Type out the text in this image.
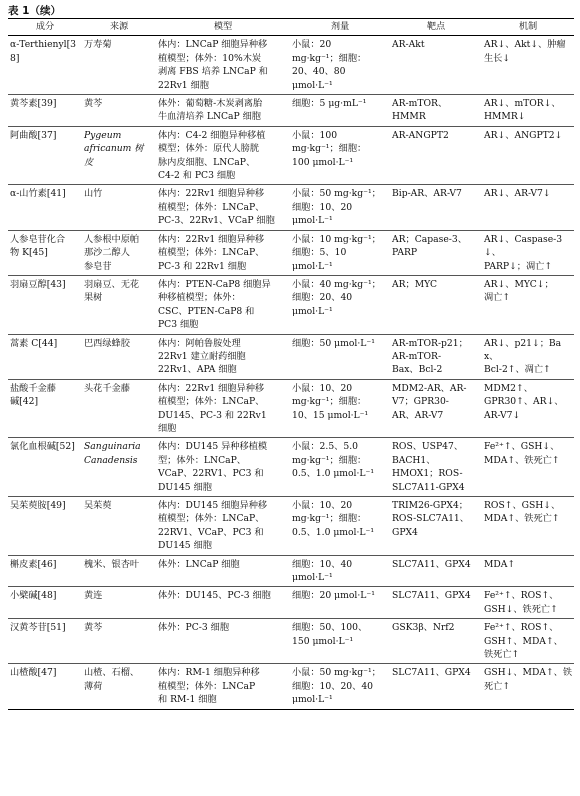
表 1（续）
成分	来源	模型	剂量	靶点	机制
α-Terthienyl[38]	万寿菊	体内：LNCaP 细胞异种移
植模型；体外：10%木炭
剥离 FBS 培养 LNCaP 和
22Rv1 细胞	小鼠：20
mg·kg⁻¹；细胞：
20、40、80
μmol·L⁻¹	AR-Akt	AR↓、Akt↓、肿瘤
生长↓
黄芩素[39]	黄芩	体外：葡萄糖-木炭剥离胎
牛血清培养 LNCaP 细胞	细胞：5 μg·mL⁻¹	AR-mTOR、
HMMR	AR↓、mTOR↓、
HMMR↓
阿曲酸[37]	Pygeum
africanum 树
皮	体内：C4-2 细胞异种移植
模型；体外：原代人膀胱
脉内皮细胞、LNCaP、
C4-2 和 PC3 细胞	小鼠：100
mg·kg⁻¹；细胞：
100 μmol·L⁻¹	AR-ANGPT2	AR↓、ANGPT2↓
α-山竹素[41]	山竹	体内：22Rv1 细胞异种移
植模型；体外：LNCaP、
PC-3、22Rv1、VCaP 细胞	小鼠：50 mg·kg⁻¹；
细胞：10、20
μmol·L⁻¹	Bip-AR、AR-V7	AR↓、AR-V7↓
人参皂苷化合
物 K[45]	人参根中原帕
那沙二醇人
参皂苷	体内：22Rv1 细胞异种移
植模型；体外：LNCaP、
PC-3 和 22Rv1 细胞	小鼠：10 mg·kg⁻¹；
细胞：5、10
μmol·L⁻¹	AR；Capase-3、
PARP	AR↓、Caspase-3↓、
PARP↓；凋亡↑
羽扇豆醇[43]	羽扇豆、无花
果树	体内：PTEN-CaP8 细胞异
种移植模型；体外：
CSC、PTEN-CaP8 和
PC3 细胞	小鼠：40 mg·kg⁻¹；
细胞：20、40
μmol·L⁻¹	AR；MYC	AR↓、MYC↓；
凋亡↑
蒿素 C[44]	巴西绿蜂胶	体内：阿帕鲁胺处理
22Rv1 建立耐药细胞
22Rv1、APA 细胞	细胞：50 μmol·L⁻¹	AR-mTOR-p21；
AR-mTOR-
Bax、Bcl-2	AR↓、p21↓；Bax、
Bcl-2↑、凋亡↑
盐酸千金藤
碱[42]	头花千金藤	体内：22Rv1 细胞异种移
植模型；体外：LNCaP、
DU145、PC-3 和 22Rv1
细胞	小鼠：10、20
mg·kg⁻¹；细胞：
10、15 μmol·L⁻¹	MDM2-AR、AR-
V7；GPR30-
AR、AR-V7	MDM2↑、
GPR30↑、AR↓、
AR-V7↓
氯化血根碱[52]	Sanguinaria
Canadensis	体内：DU145 异种移植模
型；体外：LNCaP、
VCaP、22RV1、PC3 和
DU145 细胞	小鼠：2.5、5.0
mg·kg⁻¹；细胞：
0.5、1.0 μmol·L⁻¹	ROS、USP47、
BACH1、
HMOX1；ROS-
SLC7A11-GPX4	Fe²⁺↑、GSH↓、
MDA↑、铁死亡↑
吴茱萸胺[49]	吴茱萸	体内：DU145 细胞异种移
植模型；体外：LNCaP、
22RV1、VCaP、PC3 和
DU145 细胞	小鼠：10、20
mg·kg⁻¹；细胞：
0.5、1.0 μmol·L⁻¹	TRIM26-GPX4；
ROS-SLC7A11、
GPX4	ROS↑、GSH↓、
MDA↑、铁死亡↑
槲皮素[46]	槐米、银杏叶	体外：LNCaP 细胞	细胞：10、40
μmol·L⁻¹	SLC7A11、GPX4	MDA↑
小檗碱[48]	黄连	体外：DU145、PC-3 细胞	细胞：20 μmol·L⁻¹	SLC7A11、GPX4	Fe²⁺↑、ROS↑、
GSH↓、铁死亡↑
汉黄芩苷[51]	黄芩	体外：PC-3 细胞	细胞：50、100、
150 μmol·L⁻¹	GSK3β、Nrf2	Fe²⁺↑、ROS↑、
GSH↑、MDA↑、
铁死亡↑
山楂酸[47]	山楂、石榴、
薄荷	体内：RM-1 细胞异种移
植模型；体外：LNCaP
和 RM-1 细胞	小鼠：50 mg·kg⁻¹；
细胞：10、20、40
μmol·L⁻¹	SLC7A11、GPX4	GSH↓、MDA↑、铁
死亡↑
